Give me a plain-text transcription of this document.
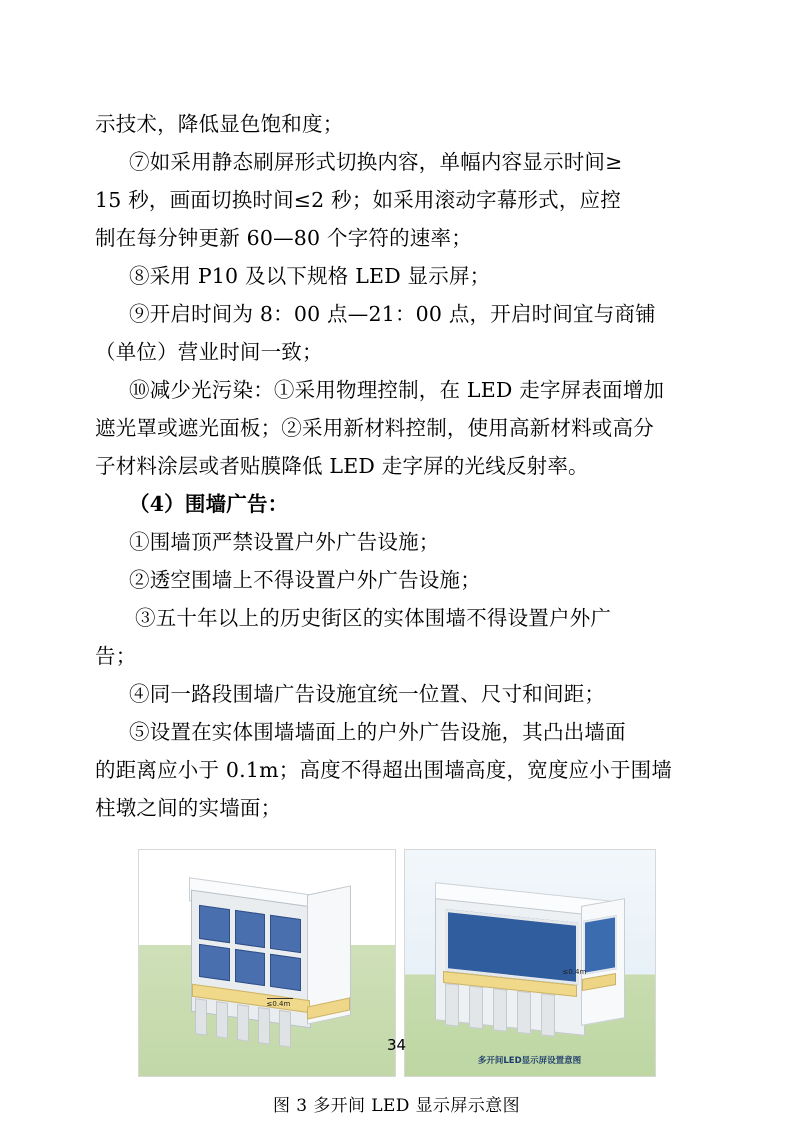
示技术，降低显色饱和度；

⑦如采用静态刷屏形式切换内容，单幅内容显示时间≥

15 秒，画面切换时间≤2 秒；如采用滚动字幕形式，应控

制在每分钟更新 60—80 个字符的速率；

⑧采用 P10 及以下规格 LED 显示屏；

⑨开启时间为 8：00 点—21：00 点，开启时间宜与商铺

（单位）营业时间一致；

⑩减少光污染：①采用物理控制，在 LED 走字屏表面增加

遮光罩或遮光面板；②采用新材料控制，使用高新材料或高分

子材料涂层或者贴膜降低 LED 走字屏的光线反射率。

（4）围墙广告：

①围墙顶严禁设置户外广告设施；

②透空围墙上不得设置户外广告设施；

③五十年以上的历史街区的实体围墙不得设置户外广

告；

④同一路段围墙广告设施宜统一位置、尺寸和间距；

⑤设置在实体围墙墙面上的户外广告设施，其凸出墙面

的距离应小于 0.1m；高度不得超出围墙高度，宽度应小于围墙

柱墩之间的实墙面；

≤0.4m
≤0.4m
多开间LED显示屏设置意图
图 3 多开间 LED 显示屏示意图
34
